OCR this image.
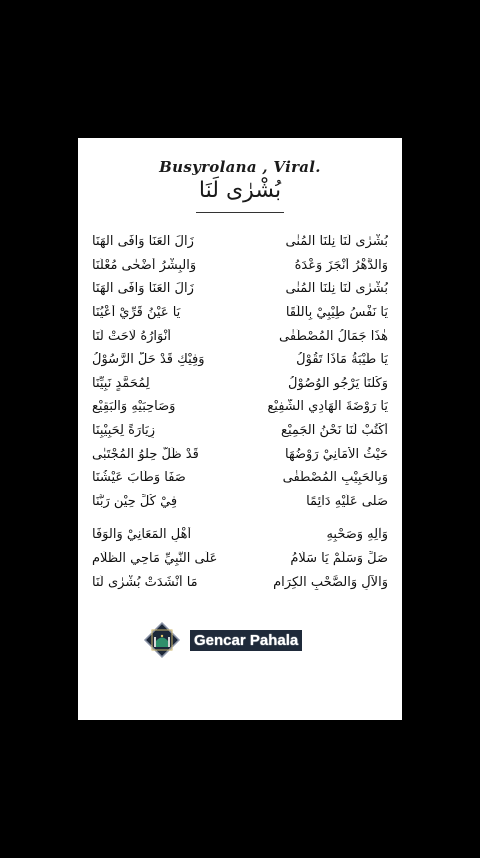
Busyrolana , Viral.
بُشْرٰى لَنَا
بُشْرٰى لَنَا نِلْنَا الْمُنٰى
زَالَ الْعَنَا وَافَى الْهَنَا
وَالدَّهْرُ أَنْجَزَ وَعْدَهُ
وَالْبِشْرُ أَضْحٰى مُعْلَنَا
بُشْرٰى لَنَا نِلْنَا الْمُنٰى
زَالَ الْعَنَا وَافَى الْهَنَا
يَا نَفْسُ طِيْبِيْ بِاللِّقَا
يَا عَيْنُ قَرِّيْ أَعْيُنَا
هٰذَا جَمَالُ الْمُصْطَفٰى
أَنْوَارُهُ لَاحَتْ لَنَا
يَا طَيْبَةُ مَاذَا تَقُوْلُ
وَفِيْكِ قَدْ حَلَّ الرَّسُوْلُ
وَكُلُّنَا يَرْجُو الْوُصُوْلُ
لِمُحَمَّدٍ نَبِيِّنَا
يَا رَوْضَةَ الْهَادِي الشَّفِيْعِ
وَصَاحِبَيْهِ وَالْبَقِيْعِ
أَكْتُبْ لَنَا نَحْنُ الْجَمِيْعِ
زِيَارَةً لِحَبِيْبِنَا
حَيْثُ الْأَمَانِيْ رَوْضُهَا
قَدْ ظَلَّ حِلْوُ الْمُجْتَبٰى
وَبِالْحَبِيْبِ الْمُصْطَفٰى
صَفَا وَطَابَ عَيْشُنَا
صَلَّى عَلَيْهِ دَائِمًا
فِيْ كُلِّ حِيْنٍ رَبُّنَا
وَآلِهِ وَصَحْبِهِ
أَهْلِ الْمَعَانِيْ وَالْوَفَا
صَلِّ وَسَلِّمْ يَا سَلَامُ
عَلَى النَّبِيِّ مَاحِي الظَّلَامِ
وَالْآلِ وَالصَّحْبِ الْكِرَامِ
مَا أَنْشَدَتْ بُشْرٰى لَنَا
Gencar Pahala
